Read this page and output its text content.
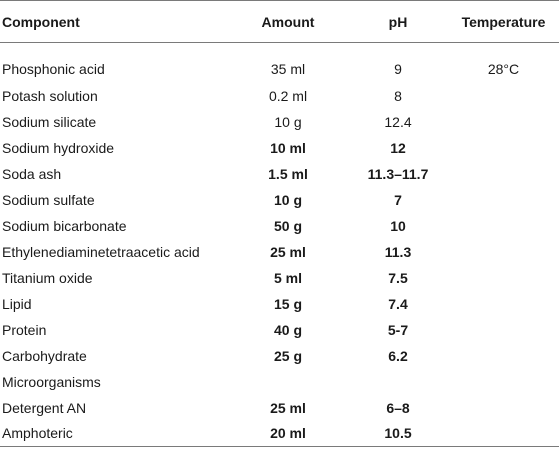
Component	Amount	pH	Temperature
Phosphonic acid	35 ml	9	28°C
Potash solution	0.2 ml	8	
Sodium silicate	10 g	12.4	
Sodium hydroxide	10 ml	12	
Soda ash	1.5 ml	11.3–11.7	
Sodium sulfate	10 g	7	
Sodium bicarbonate	50 g	10	
Ethylenediaminetetraacetic acid	25 ml	11.3	
Titanium oxide	5 ml	7.5	
Lipid	15 g	7.4	
Protein	40 g	5-7	
Carbohydrate	25 g	6.2	
Microorganisms			
Detergent AN	25 ml	6–8	
Amphoteric	20 ml	10.5	
